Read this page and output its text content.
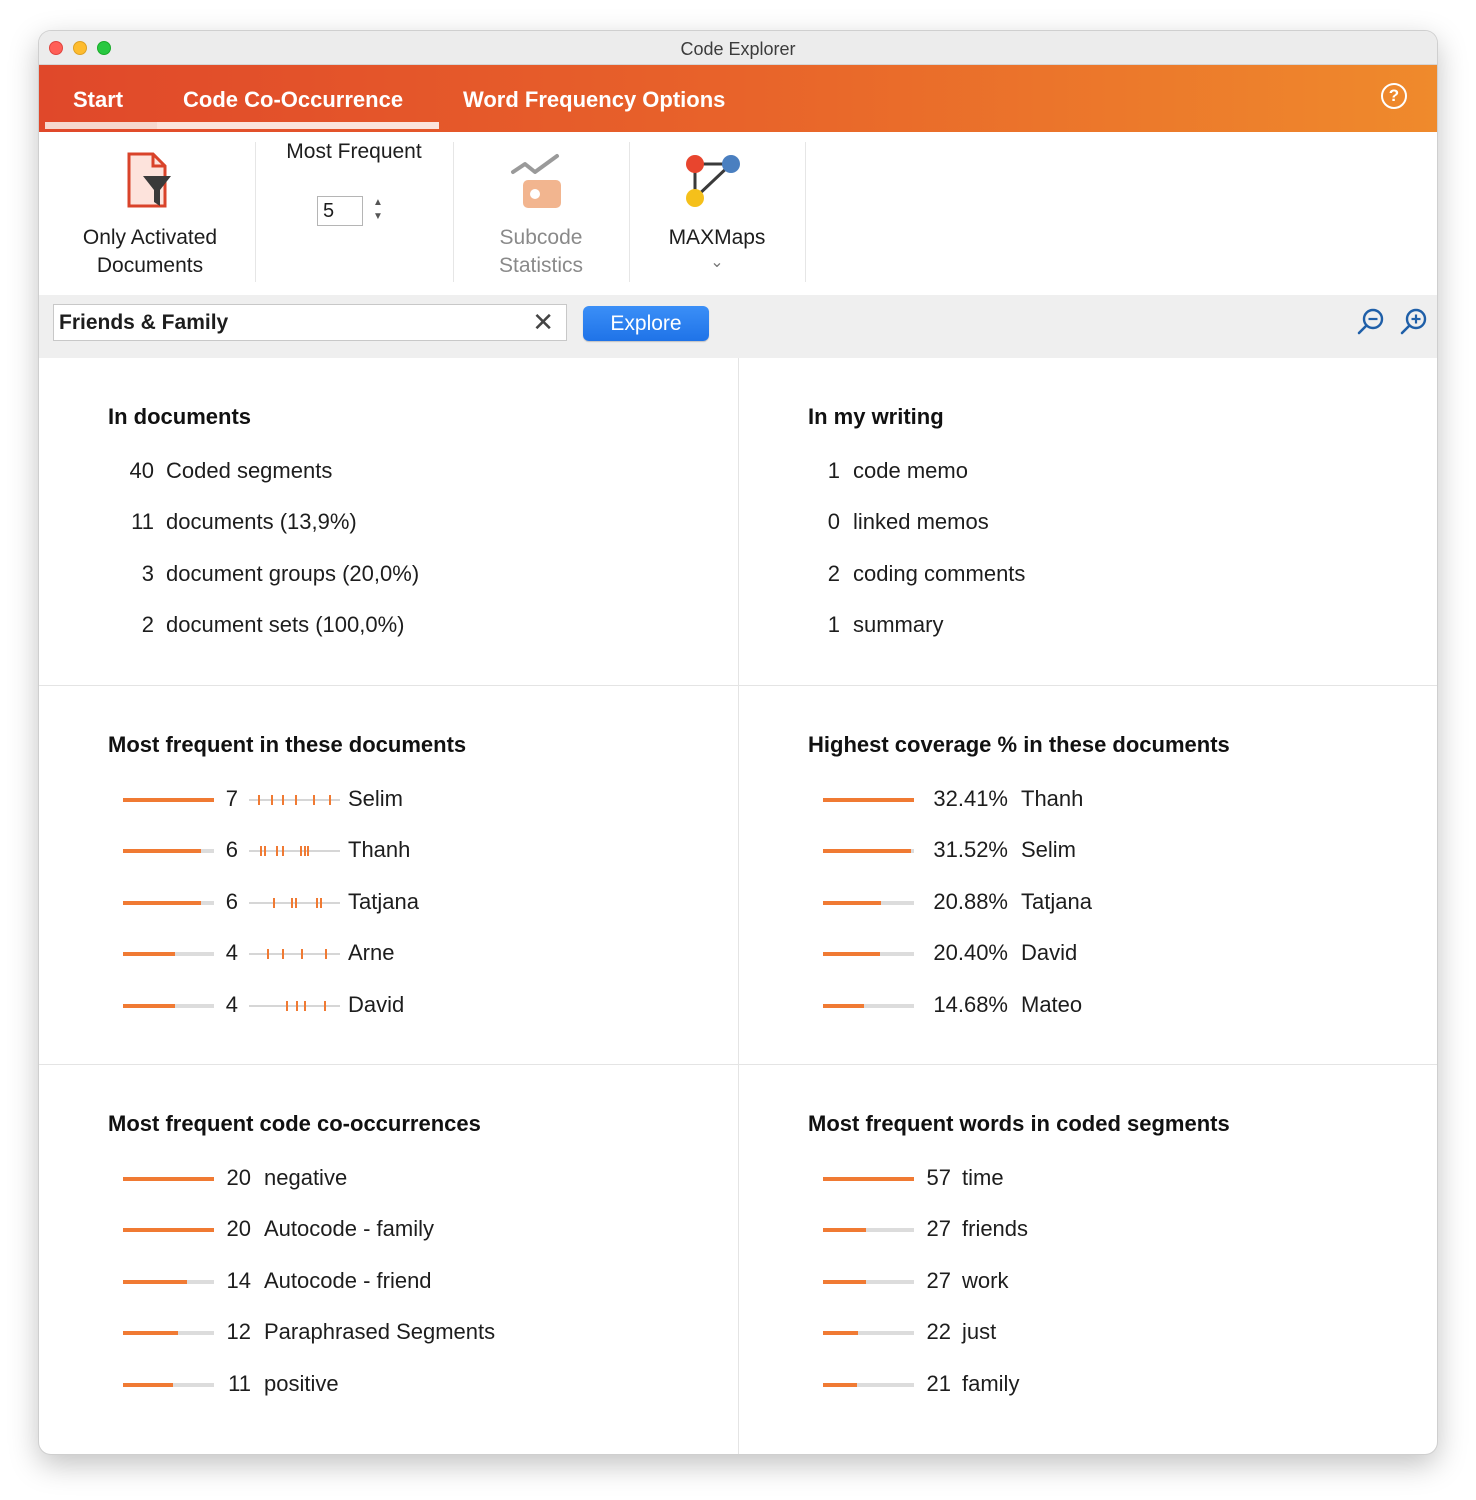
Code Explorer
Start	Code Co-Occurrence	Word Frequency Options	?
Only Activated
Documents
Most Frequent
5	▲
▼
Subcode
Statistics
MAXMaps
⌄
Friends & Family	✕	Explore
In documents
40 Coded segments
11 documents (13,9%)
3 document groups (20,0%)
2 document sets (100,0%)
In my writing
1 code memo
0 linked memos
2 coding comments
1 summary
Most frequent in these documents
7	Selim
6	Thanh
6	Tatjana
4	Arne
4	David
Highest coverage % in these documents
32.41% Thanh
31.52% Selim
20.88% Tatjana
20.40% David
14.68% Mateo
Most frequent code co-occurrences
20 negative
20 Autocode - family
14 Autocode - friend
12 Paraphrased Segments
11 positive
Most frequent words in coded segments
57 time
27 friends
27 work
22 just
21 family
